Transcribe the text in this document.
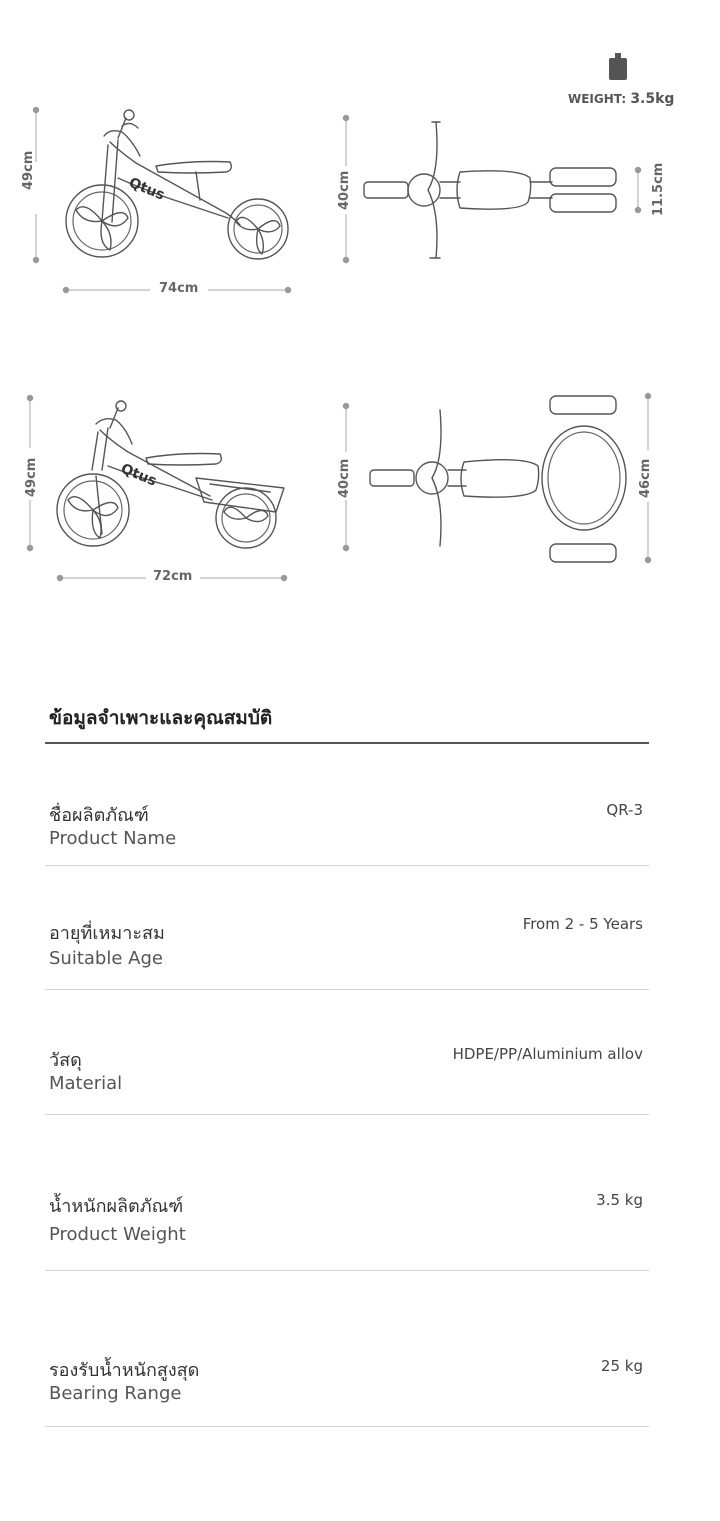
WEIGHT: 3.5kg
Qtus
49cm
74cm
40cm	11.5cm
Qtus
49cm
72cm
40cm	46cm
ข้อมูลจำเพาะและคุณสมบัติ
ชื่อผลิตภัณฑ์
Product Name
QR-3
อายุที่เหมาะสม
Suitable Age
From 2 - 5 Years
วัสดุ
Material
HDPE/PP/Aluminium allov
น้ำหนักผลิตภัณฑ์
Product Weight
3.5 kg
รองรับน้ำหนักสูงสุด
Bearing Range
25 kg
